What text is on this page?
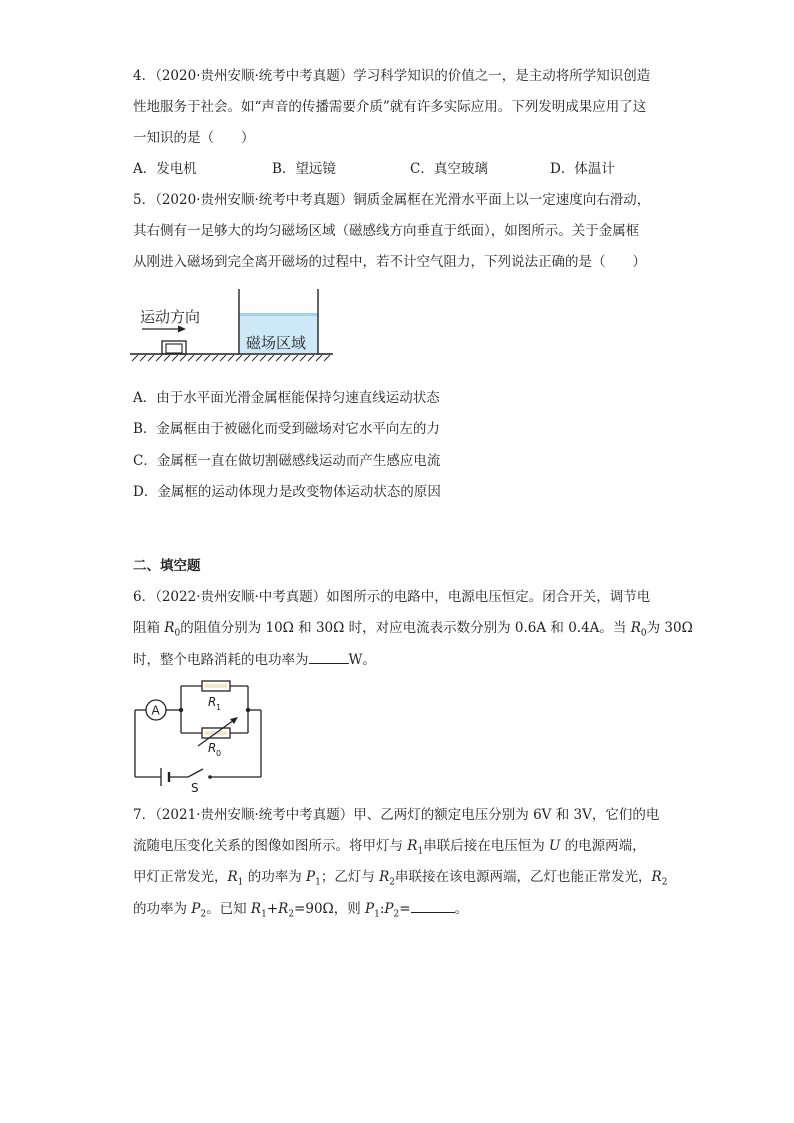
4．（2020·贵州安顺·统考中考真题）学习科学知识的价值之一，是主动将所学知识创造
性地服务于社会。如“声音的传播需要介质”就有许多实际应用。下列发明成果应用了这
一知识的是（　　）
A．发电机	B．望远镜	C．真空玻璃	D．体温计
5．（2020·贵州安顺·统考中考真题）铜质金属框在光滑水平面上以一定速度向右滑动，
其右侧有一足够大的均匀磁场区域（磁感线方向垂直于纸面），如图所示。关于金属框
从刚进入磁场到完全离开磁场的过程中，若不计空气阻力，下列说法正确的是（　　）
运动方向
磁场区域
A．由于水平面光滑金属框能保持匀速直线运动状态
B．金属框由于被磁化而受到磁场对它水平向左的力
C．金属框一直在做切割磁感线运动而产生感应电流
D．金属框的运动体现力是改变物体运动状态的原因
二、填空题
6．（2022·贵州安顺·中考真题）如图所示的电路中，电源电压恒定。闭合开关，调节电
阻箱 $R_0$的阻值分别为 10Ω 和 30Ω 时，对应电流表示数分别为 0.6A 和 0.4A。当 $R_0$为 30Ω
时，整个电路消耗的电功率为	W。
A
R 1
R 0
S
7．（2021·贵州安顺·统考中考真题）甲、乙两灯的额定电压分别为 6V 和 3V，它们的电
流随电压变化关系的图像如图所示。将甲灯与 $R_1$串联后接在电压恒为 U 的电源两端，
甲灯正常发光，$R_1$ 的功率为 $P_1$；乙灯与 $R_2$串联接在该电源两端，乙灯也能正常发光，$R_2$
的功率为 $P_2$。已知 $R_1+R_2=90\Omega$，则 $P_1:P_2=$	。
